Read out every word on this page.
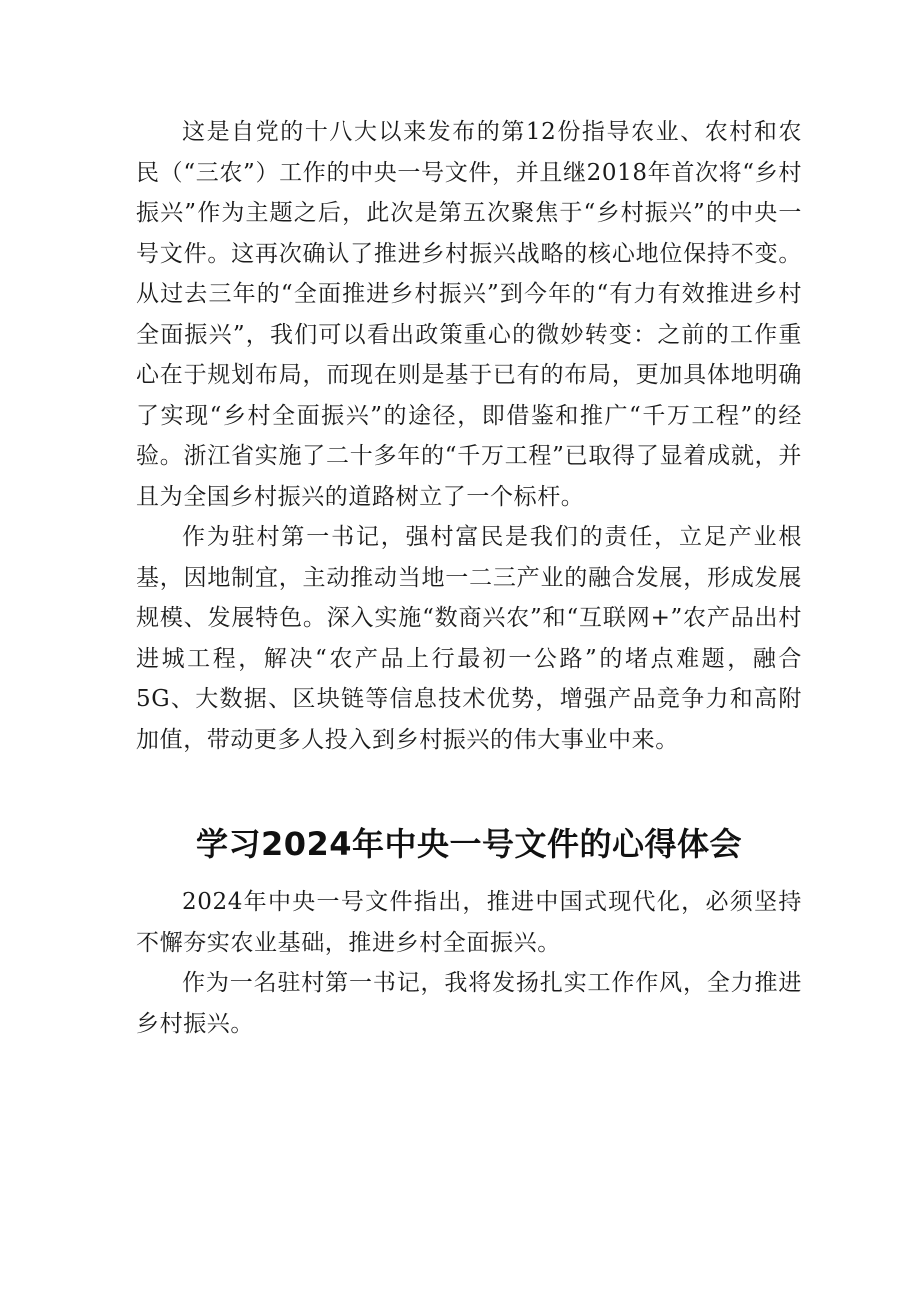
这是自党的十八大以来发布的第12份指导农业、农村和农民（“三农”）工作的中央一号文件，并且继2018年首次将“乡村振兴”作为主题之后，此次是第五次聚焦于“乡村振兴”的中央一号文件。这再次确认了推进乡村振兴战略的核心地位保持不变。从过去三年的“全面推进乡村振兴”到今年的“有力有效推进乡村全面振兴”，我们可以看出政策重心的微妙转变：之前的工作重心在于规划布局，而现在则是基于已有的布局，更加具体地明确了实现“乡村全面振兴”的途径，即借鉴和推广“千万工程”的经验。浙江省实施了二十多年的“千万工程”已取得了显着成就，并且为全国乡村振兴的道路树立了一个标杆。

作为驻村第一书记，强村富民是我们的责任，立足产业根基，因地制宜，主动推动当地一二三产业的融合发展，形成发展规模、发展特色。深入实施“数商兴农”和“互联网+”农产品出村进城工程，解决“农产品上行最初一公路”的堵点难题，融合5G、大数据、区块链等信息技术优势，增强产品竞争力和高附加值，带动更多人投入到乡村振兴的伟大事业中来。

学习2024年中央一号文件的心得体会

2024年中央一号文件指出，推进中国式现代化，必须坚持不懈夯实农业基础，推进乡村全面振兴。

作为一名驻村第一书记，我将发扬扎实工作作风，全力推进乡村振兴。
